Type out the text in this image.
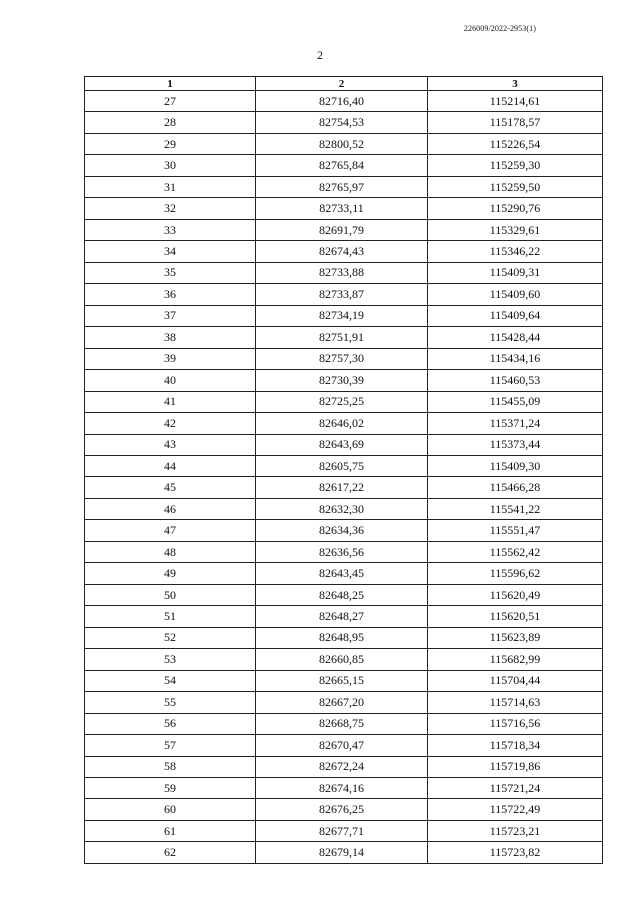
226009/2022-2953(1)
2
1	2	3
27	82716,40	115214,61
28	82754,53	115178,57
29	82800,52	115226,54
30	82765,84	115259,30
31	82765,97	115259,50
32	82733,11	115290,76
33	82691,79	115329,61
34	82674,43	115346,22
35	82733,88	115409,31
36	82733,87	115409,60
37	82734,19	115409,64
38	82751,91	115428,44
39	82757,30	115434,16
40	82730,39	115460,53
41	82725,25	115455,09
42	82646,02	115371,24
43	82643,69	115373,44
44	82605,75	115409,30
45	82617,22	115466,28
46	82632,30	115541,22
47	82634,36	115551,47
48	82636,56	115562,42
49	82643,45	115596,62
50	82648,25	115620,49
51	82648,27	115620,51
52	82648,95	115623,89
53	82660,85	115682,99
54	82665,15	115704,44
55	82667,20	115714,63
56	82668,75	115716,56
57	82670,47	115718,34
58	82672,24	115719,86
59	82674,16	115721,24
60	82676,25	115722,49
61	82677,71	115723,21
62	82679,14	115723,82
